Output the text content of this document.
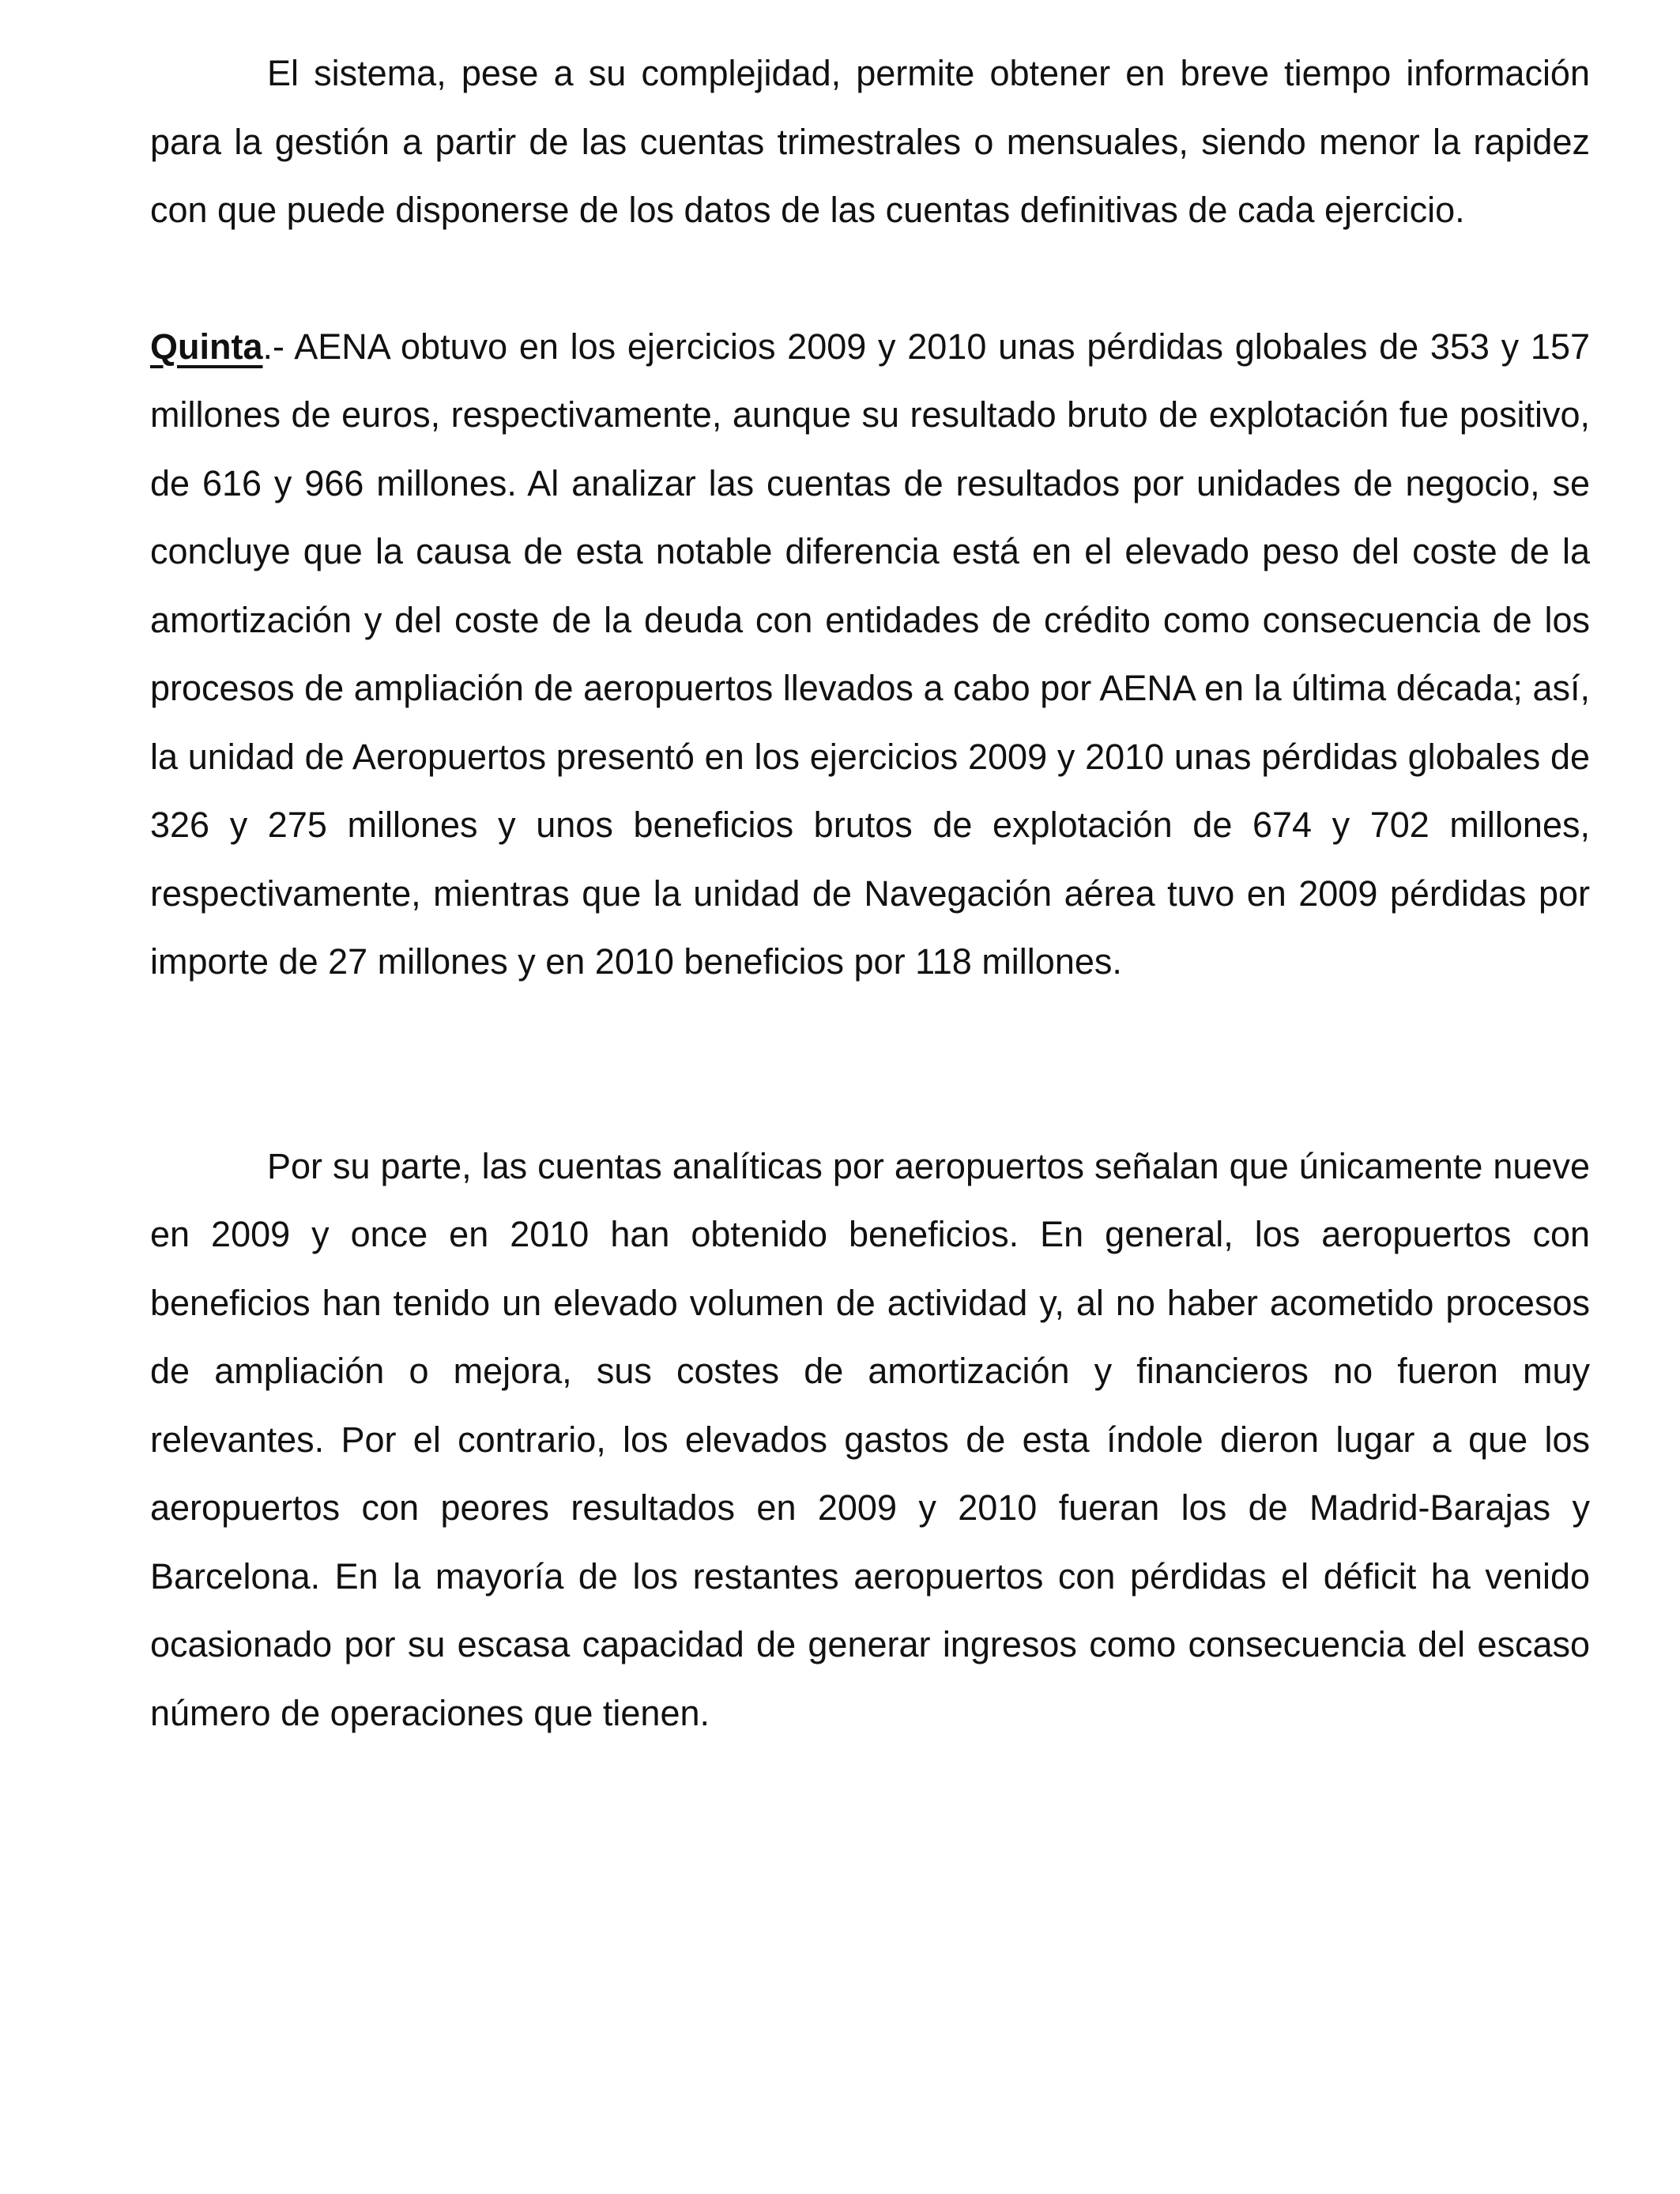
El sistema, pese a su complejidad, permite obtener en breve tiempo información para la gestión a partir de las cuentas trimestrales o mensuales, siendo menor la rapidez con que puede disponerse de los datos de las cuentas definitivas de cada ejercicio.

Quinta.- AENA obtuvo en los ejercicios 2009 y 2010 unas pérdidas globales de 353 y 157 millones de euros, respectivamente, aunque su resultado bruto de explotación fue positivo, de 616 y 966 millones. Al analizar las cuentas de resultados por unidades de negocio, se concluye que la causa de esta notable diferencia está en el elevado peso del coste de la amortización y del coste de la deuda con entidades de crédito como consecuencia de los procesos de ampliación de aeropuertos llevados a cabo por AENA en la última década; así, la unidad de Aeropuertos presentó en los ejercicios 2009 y 2010 unas pérdidas globales de 326 y 275 millones y unos beneficios brutos de explotación de 674 y 702 millones, respectivamente, mientras que la unidad de Navegación aérea tuvo en 2009 pérdidas por importe de 27 millones y en 2010 beneficios por 118 millones.

Por su parte, las cuentas analíticas por aeropuertos señalan que únicamente nueve en 2009 y once en 2010 han obtenido beneficios. En general, los aeropuertos con beneficios han tenido un elevado volumen de actividad y, al no haber acometido procesos de ampliación o mejora, sus costes de amortización y financieros no fueron muy relevantes. Por el contrario, los elevados gastos de esta índole dieron lugar a que los aeropuertos con peores resultados en 2009 y 2010 fueran los de Madrid-Barajas y Barcelona. En la mayoría de los restantes aeropuertos con pérdidas el déficit ha venido ocasionado por su escasa capacidad de generar ingresos como consecuencia del escaso número de operaciones que tienen.
